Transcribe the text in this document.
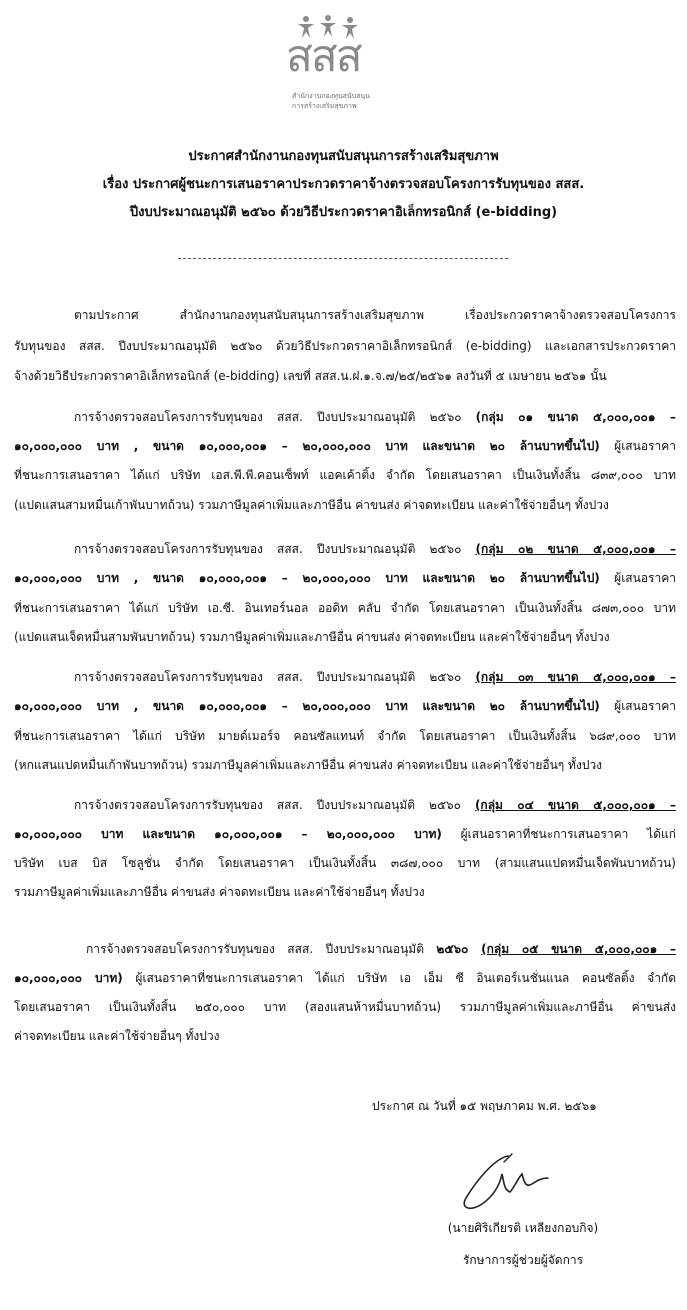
สสส
สำนักงานกองทุนสนับสนุน
การสร้างเสริมสุขภาพ
ประกาศสำนักงานกองทุนสนับสนุนการสร้างเสริมสุขภาพ
เรื่อง ประกาศผู้ชนะการเสนอราคาประกวดราคาจ้างตรวจสอบโครงการรับทุนของ สสส.
ปีงบประมาณอนุมัติ ๒๕๖๐ ด้วยวิธีประกวดราคาอิเล็กทรอนิกส์ (e-bidding)
ตามประกาศ สำนักงานกองทุนสนับสนุนการสร้างเสริมสุขภาพ เรื่องประกวดราคาจ้างตรวจสอบโครงการ
รับทุนของ สสส. ปีงบประมาณอนุมัติ ๒๕๖๐ ด้วยวิธีประกวดราคาอิเล็กทรอนิกส์ (e-bidding) และเอกสารประกวดราคา
จ้างด้วยวิธีประกวดราคาอิเล็กทรอนิกส์ (e-bidding) เลขที่ สสส.น.ฝ.๑.จ.๗/๒๕/๒๕๖๑ ลงวันที่ ๕ เมษายน ๒๕๖๑ นั้น
การจ้างตรวจสอบโครงการรับทุนของ สสส. ปีงบประมาณอนุมัติ ๒๕๖๐ (กลุ่ม ๐๑ ขนาด ๕,๐๐๐,๐๐๑ –
๑๐,๐๐๐,๐๐๐ บาท , ขนาด ๑๐,๐๐๐,๐๐๑ – ๒๐,๐๐๐,๐๐๐ บาท และขนาด ๒๐ ล้านบาทขึ้นไป) ผู้เสนอราคา
ที่ชนะการเสนอราคา ได้แก่ บริษัท เอส.พี.พี.คอนเซ็พท์ แอคเค้าติ้ง จำกัด โดยเสนอราคา เป็นเงินทั้งสิ้น ๘๓๙,๐๐๐ บาท
(แปดแสนสามหมื่นเก้าพันบาทถ้วน) รวมภาษีมูลค่าเพิ่มและภาษีอื่น ค่าขนส่ง ค่าจดทะเบียน และค่าใช้จ่ายอื่นๆ ทั้งปวง
การจ้างตรวจสอบโครงการรับทุนของ สสส. ปีงบประมาณอนุมัติ ๒๕๖๐ (กลุ่ม ๐๒ ขนาด ๕,๐๐๐,๐๐๑ –
๑๐,๐๐๐,๐๐๐ บาท , ขนาด ๑๐,๐๐๐,๐๐๑ – ๒๐,๐๐๐,๐๐๐ บาท และขนาด ๒๐ ล้านบาทขึ้นไป) ผู้เสนอราคา
ที่ชนะการเสนอราคา ได้แก่ บริษัท เอ.ซี. อินเทอร์นอล ออดิท คลับ จำกัด โดยเสนอราคา เป็นเงินทั้งสิ้น ๘๗๓,๐๐๐ บาท
(แปดแสนเจ็ดหมื่นสามพันบาทถ้วน) รวมภาษีมูลค่าเพิ่มและภาษีอื่น ค่าขนส่ง ค่าจดทะเบียน และค่าใช้จ่ายอื่นๆ ทั้งปวง
การจ้างตรวจสอบโครงการรับทุนของ สสส. ปีงบประมาณอนุมัติ ๒๕๖๐ (กลุ่ม ๐๓ ขนาด ๕,๐๐๐,๐๐๑ –
๑๐,๐๐๐,๐๐๐ บาท , ขนาด ๑๐,๐๐๐,๐๐๑ – ๒๐,๐๐๐,๐๐๐ บาท และขนาด ๒๐ ล้านบาทขึ้นไป) ผู้เสนอราคา
ที่ชนะการเสนอราคา ได้แก่ บริษัท มายด์เมอร์จ คอนซัลแทนท์ จำกัด โดยเสนอราคา เป็นเงินทั้งสิ้น ๖๘๙,๐๐๐ บาท
(หกแสนแปดหมื่นเก้าพันบาทถ้วน) รวมภาษีมูลค่าเพิ่มและภาษีอื่น ค่าขนส่ง ค่าจดทะเบียน และค่าใช้จ่ายอื่นๆ ทั้งปวง
การจ้างตรวจสอบโครงการรับทุนของ สสส. ปีงบประมาณอนุมัติ ๒๕๖๐ (กลุ่ม ๐๔ ขนาด ๕,๐๐๐,๐๐๑ –
๑๐,๐๐๐,๐๐๐ บาท และขนาด ๑๐,๐๐๐,๐๐๑ – ๒๐,๐๐๐,๐๐๐ บาท) ผู้เสนอราคาที่ชนะการเสนอราคา ได้แก่
บริษัท เบส บิส โซลูชั่น จำกัด โดยเสนอราคา เป็นเงินทั้งสิ้น ๓๘๗,๐๐๐ บาท (สามแสนแปดหมื่นเจ็ดพันบาทถ้วน)
รวมภาษีมูลค่าเพิ่มและภาษีอื่น ค่าขนส่ง ค่าจดทะเบียน และค่าใช้จ่ายอื่นๆ ทั้งปวง
การจ้างตรวจสอบโครงการรับทุนของ สสส. ปีงบประมาณอนุมัติ ๒๕๖๐ (กลุ่ม ๐๕ ขนาด ๕,๐๐๐,๐๐๑ –
๑๐,๐๐๐,๐๐๐ บาท) ผู้เสนอราคาที่ชนะการเสนอราคา ได้แก่ บริษัท เอ เอ็ม ซี อินเตอร์เนชั่นแนล คอนซัลติ้ง จำกัด
โดยเสนอราคา เป็นเงินทั้งสิ้น ๒๕๐,๐๐๐ บาท (สองแสนห้าหมื่นบาทถ้วน) รวมภาษีมูลค่าเพิ่มและภาษีอื่น ค่าขนส่ง
ค่าจดทะเบียน และค่าใช้จ่ายอื่นๆ ทั้งปวง
ประกาศ ณ วันที่ ๑๕ พฤษภาคม พ.ศ. ๒๕๖๑
(นายศิริเกียรติ เหลียงกอบกิจ)
รักษาการผู้ช่วยผู้จัดการ
